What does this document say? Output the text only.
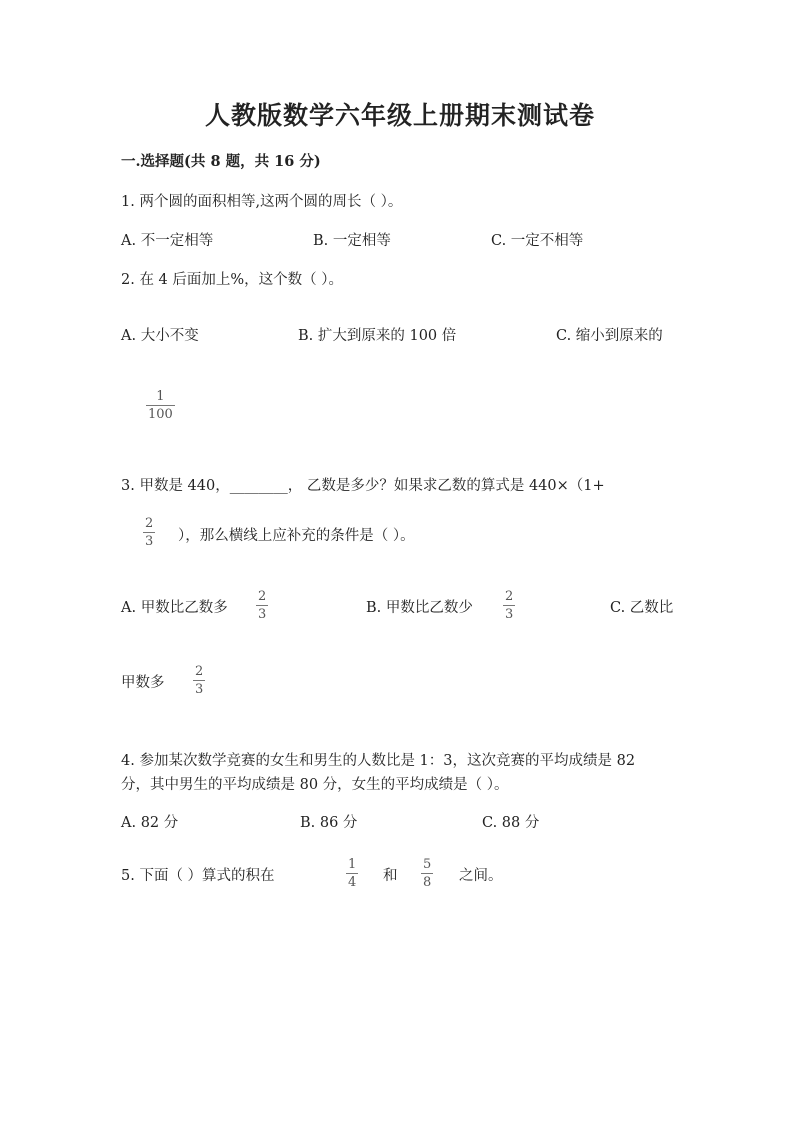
人教版数学六年级上册期末测试卷
一.选择题(共 8 题，共 16 分)
1. 两个圆的面积相等,这两个圆的周长（ ）。
A. 不一定相等	B. 一定相等	C. 一定不相等
2. 在 4 后面加上%，这个数（ ）。
A. 大小不变	B. 扩大到原来的 100 倍	C. 缩小到原来的
1
100
3. 甲数是 440，________， 乙数是多少？如果求乙数的算式是 440×（1+
2
3 ），那么横线上应补充的条件是（ ）。
A. 甲数比乙数多
2
3	B. 甲数比乙数少
2
3	C. 乙数比
甲数多
2
3
4. 参加某次数学竞赛的女生和男生的人数比是 1：3，这次竞赛的平均成绩是 82
分，其中男生的平均成绩是 80 分，女生的平均成绩是（ ）。
A. 82 分	B. 86 分	C. 88 分
5. 下面（ ）算式的积在
1
4 和
5
8 之间。
